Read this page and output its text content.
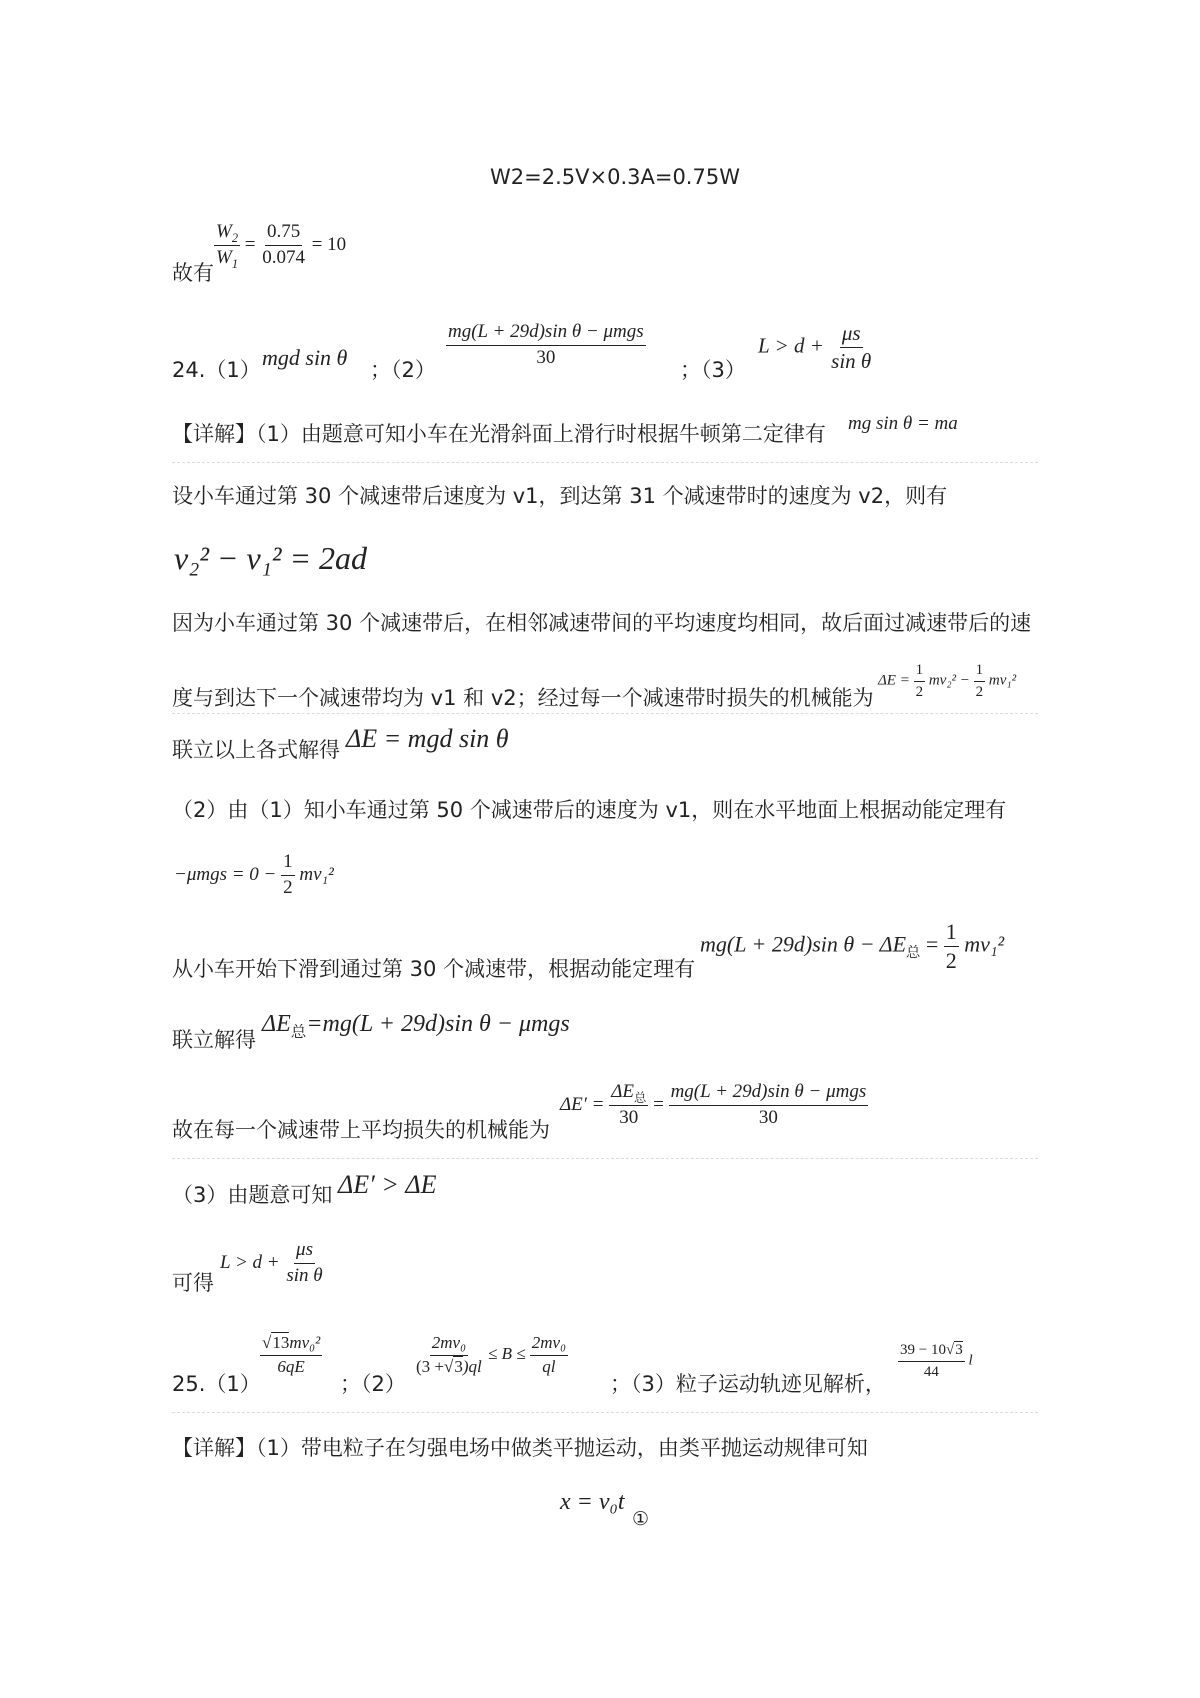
W2=2.5V×0.3A=0.75W
故有
$\frac{W_2}{W_1} = \frac{0.75}{0.074} = 10$
24.（1） mgd sin θ ；（2）
$\frac{\text{mg(L + 29d)sin θ − μmgs}}{30}$
；（3）
$L > d + \frac{\mu s}{\text{sin θ}}$
【详解】（1）由题意可知小车在光滑斜面上滑行时根据牛顿第二定律有 mg sin θ = ma
设小车通过第 30 个减速带后速度为 v1，到达第 31 个减速带时的速度为 v2，则有
v₂² − v₁² = 2ad
因为小车通过第 30 个减速带后，在相邻减速带间的平均速度均相同，故后面过减速带后的速
度与到达下一个减速带均为 v1 和 v2；经过每一个减速带时损失的机械能为
$\Delta E = \frac{1}{2} mv_2^2 - \frac{1}{2} mv_1^2$
联立以上各式解得 ΔE = mgd sin θ
（2）由（1）知小车通过第 50 个减速带后的速度为 v1，则在水平地面上根据动能定理有
$-\mu mgs = 0 - \frac{1}{2} mv_1^2$
从小车开始下滑到通过第 30 个减速带，根据动能定理有
mg(L + 29d)sin $\theta - \Delta E_总 = \frac{1}{2} mv_1^2$
联立解得
$\Delta E_总=mg(L + 29d)\sin$ θ − μmgs
故在每一个减速带上平均损失的机械能为
$\Delta E' = \frac{\Delta E_总}{30} = \frac{\text{mg(L + 29d)sin θ − μmgs}}{30}$
（3）由题意可知 ΔE′ > ΔE
可得
$L > d + \frac{\mu s}{\text{sin θ}}$
25.（1）
$\frac{\text{√13mv₀²}}{6qE}$
；（2）
$\frac{\text{2mv₀}}{(3 +√3)ql} \le B \le \frac{\text{2mv₀}}{ql}$
；（3）粒子运动轨迹见解析，
$\frac{39 - 10√3}{44}$ l
【详解】（1）带电粒子在匀强电场中做类平抛运动，由类平抛运动规律可知
x = v₀t
①
